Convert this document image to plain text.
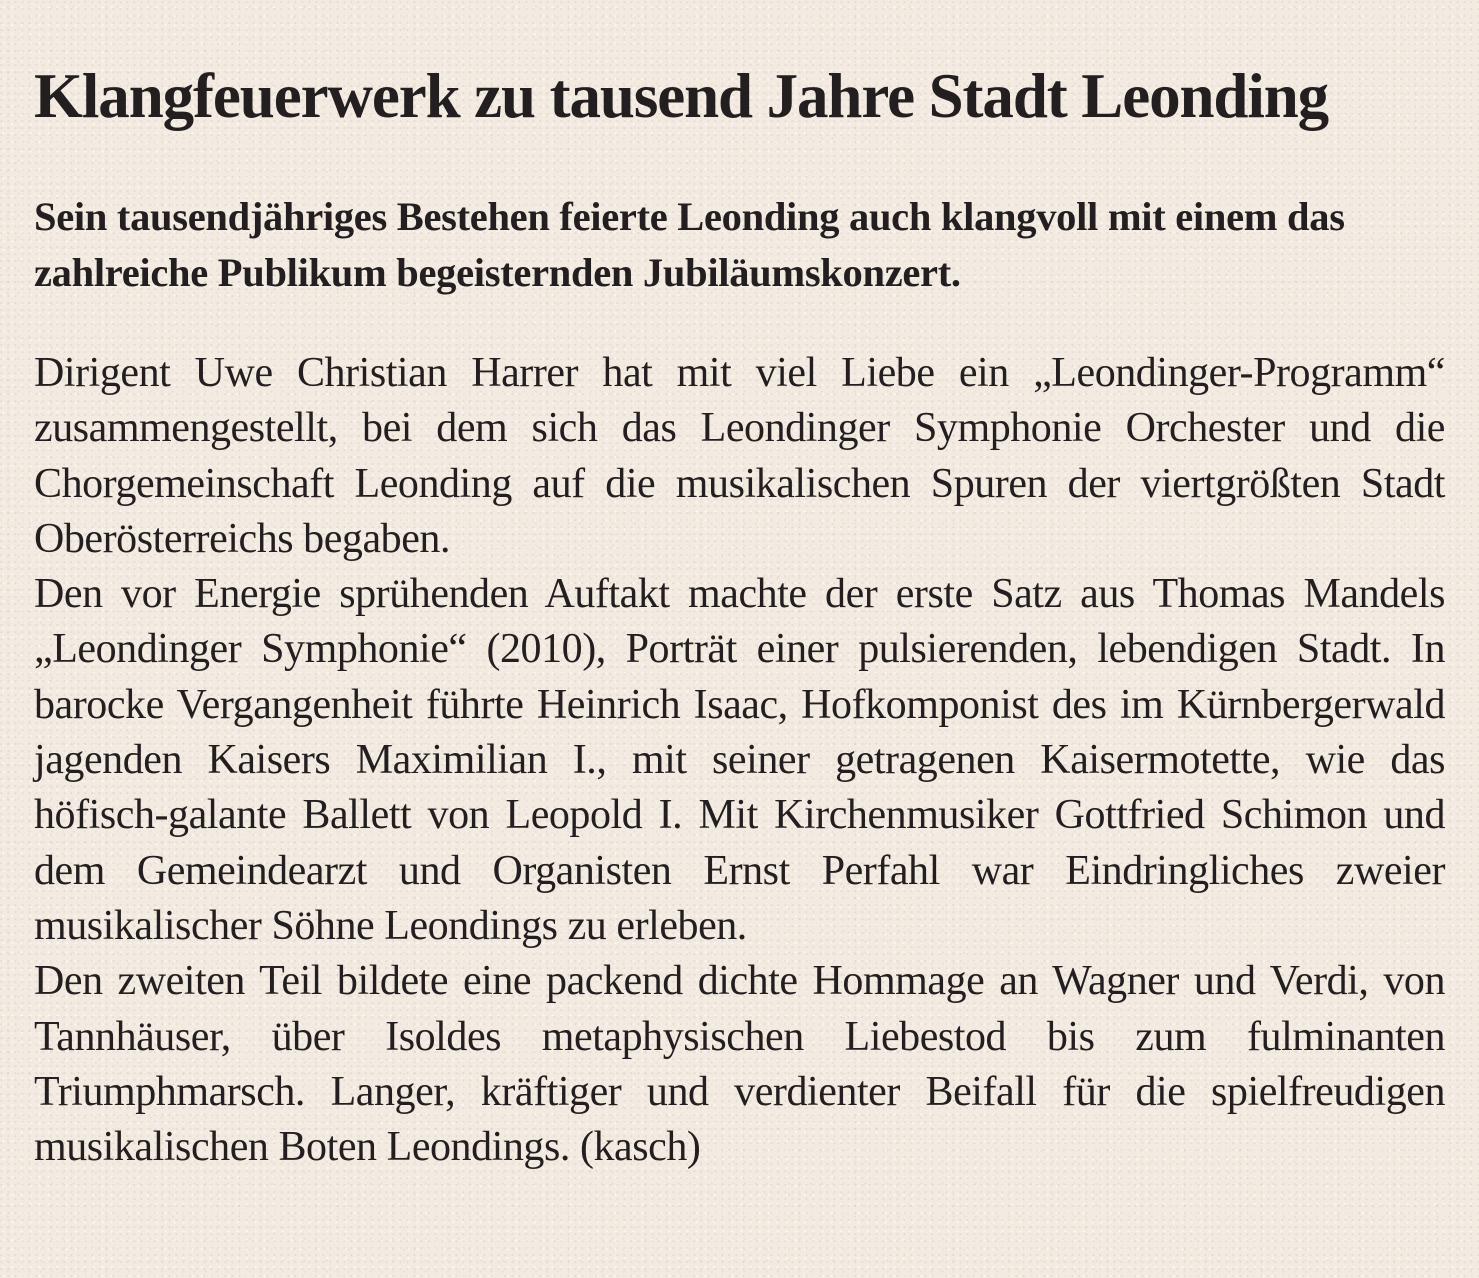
Klangfeuerwerk zu tausend Jahre Stadt Leonding

Sein tausendjähriges Bestehen feierte Leonding auch klangvoll mit einem das zahlreiche Publikum begeisternden Jubiläumskonzert.

Dirigent Uwe Christian Harrer hat mit viel Liebe ein „Leondinger-Programm“ zusammengestellt, bei dem sich das Leondinger Symphonie Orchester und die Chorgemeinschaft Leonding auf die musikalischen Spuren der viertgrößten Stadt Oberösterreichs begaben.

Den vor Energie sprühenden Auftakt machte der erste Satz aus Thomas Mandels „Leondinger Symphonie“ (2010), Porträt einer pulsierenden, lebendigen Stadt. In barocke Vergangenheit führte Heinrich Isaac, Hofkomponist des im Kürnbergerwald jagenden Kaisers Maximilian I., mit seiner getragenen Kaisermotette, wie das höfisch-galante Ballett von Leopold I. Mit Kirchenmusiker Gottfried Schimon und dem Gemeindearzt und Organisten Ernst Perfahl war Eindringliches zweier musikalischer Söhne Leondings zu erleben.

Den zweiten Teil bildete eine packend dichte Hommage an Wagner und Verdi, von Tannhäuser, über Isoldes metaphysischen Liebestod bis zum fulminanten Triumphmarsch. Langer, kräftiger und verdienter Beifall für die spielfreudigen musikalischen Boten Leondings. (kasch)
